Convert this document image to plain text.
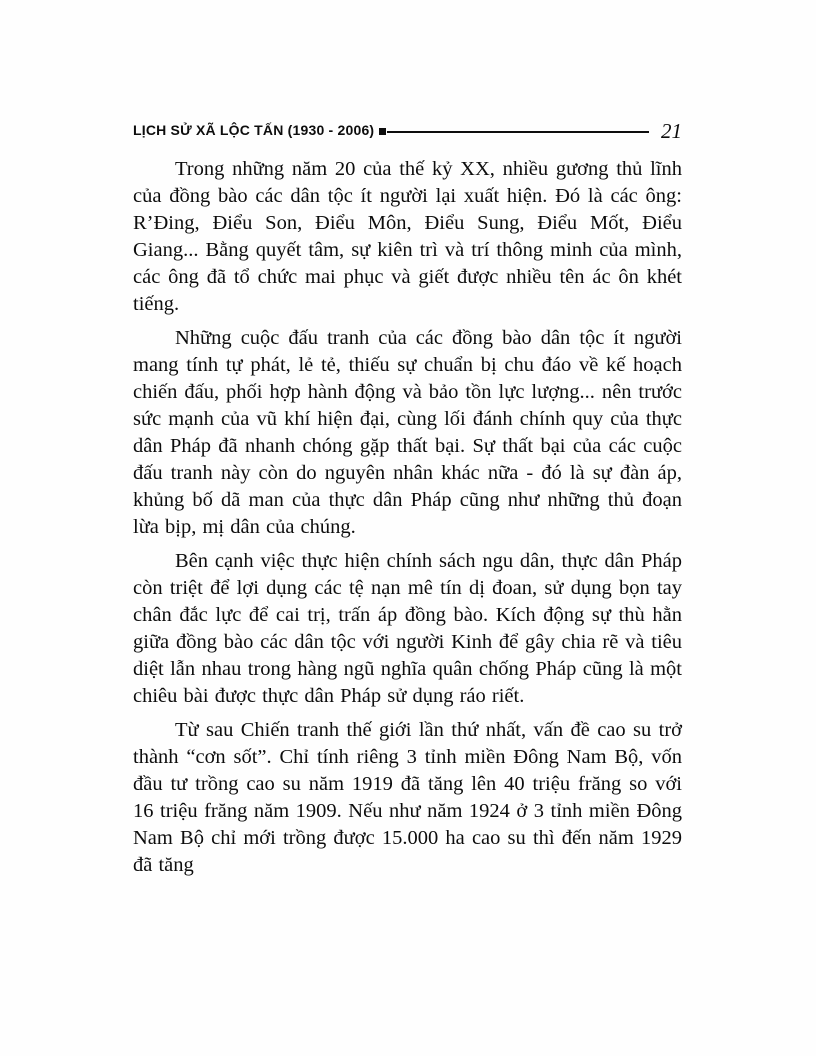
LỊCH SỬ XÃ LỘC TẤN (1930 - 2006)	21

Trong những năm 20 của thế kỷ XX, nhiều gương thủ lĩnh của đồng bào các dân tộc ít người lại xuất hiện. Đó là các ông: R’Đing, Điểu Son, Điểu Môn, Điểu Sung, Điểu Mốt, Điểu Giang... Bằng quyết tâm, sự kiên trì và trí thông minh của mình, các ông đã tổ chức mai phục và giết được nhiều tên ác ôn khét tiếng.

Những cuộc đấu tranh của các đồng bào dân tộc ít người mang tính tự phát, lẻ tẻ, thiếu sự chuẩn bị chu đáo về kế hoạch chiến đấu, phối hợp hành động và bảo tồn lực lượng... nên trước sức mạnh của vũ khí hiện đại, cùng lối đánh chính quy của thực dân Pháp đã nhanh chóng gặp thất bại. Sự thất bại của các cuộc đấu tranh này còn do nguyên nhân khác nữa - đó là sự đàn áp, khủng bố dã man của thực dân Pháp cũng như những thủ đoạn lừa bịp, mị dân của chúng.

Bên cạnh việc thực hiện chính sách ngu dân, thực dân Pháp còn triệt để lợi dụng các tệ nạn mê tín dị đoan, sử dụng bọn tay chân đắc lực để cai trị, trấn áp đồng bào. Kích động sự thù hằn giữa đồng bào các dân tộc với người Kinh để gây chia rẽ và tiêu diệt lẫn nhau trong hàng ngũ nghĩa quân chống Pháp cũng là một chiêu bài được thực dân Pháp sử dụng ráo riết.

Từ sau Chiến tranh thế giới lần thứ nhất, vấn đề cao su trở thành “cơn sốt”. Chỉ tính riêng 3 tỉnh miền Đông Nam Bộ, vốn đầu tư trồng cao su năm 1919 đã tăng lên 40 triệu frăng so với 16 triệu frăng năm 1909. Nếu như năm 1924 ở 3 tỉnh miền Đông Nam Bộ chỉ mới trồng được 15.000 ha cao su thì đến năm 1929 đã tăng
